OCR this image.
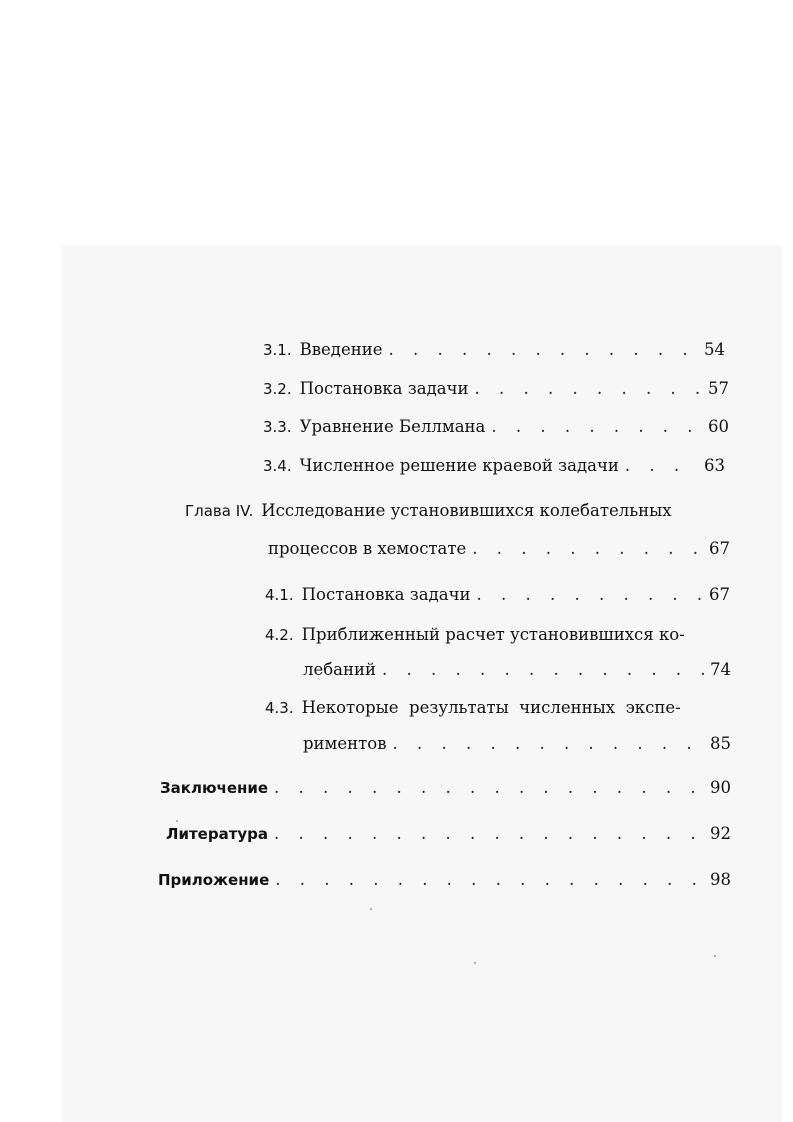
3.1. Введение . . .	54
3.2. Постановка задачи . . .	57
3.3. Уравнение Беллмана . . .	60
3.4. Численное решение краевой задачи . . .	63
Глава IV. Исследование установившихся колебательных
процессов в хемостате . . .	67
4.1. Постановка задачи . . .	67
4.2. Приближенный расчет установившихся ко-
лебаний . . .	74
4.3. Некоторые  результаты  численных  экспе-
риментов . . .	85
Заключение . . .	90
Литература . . .	92
Приложение . . .	98
